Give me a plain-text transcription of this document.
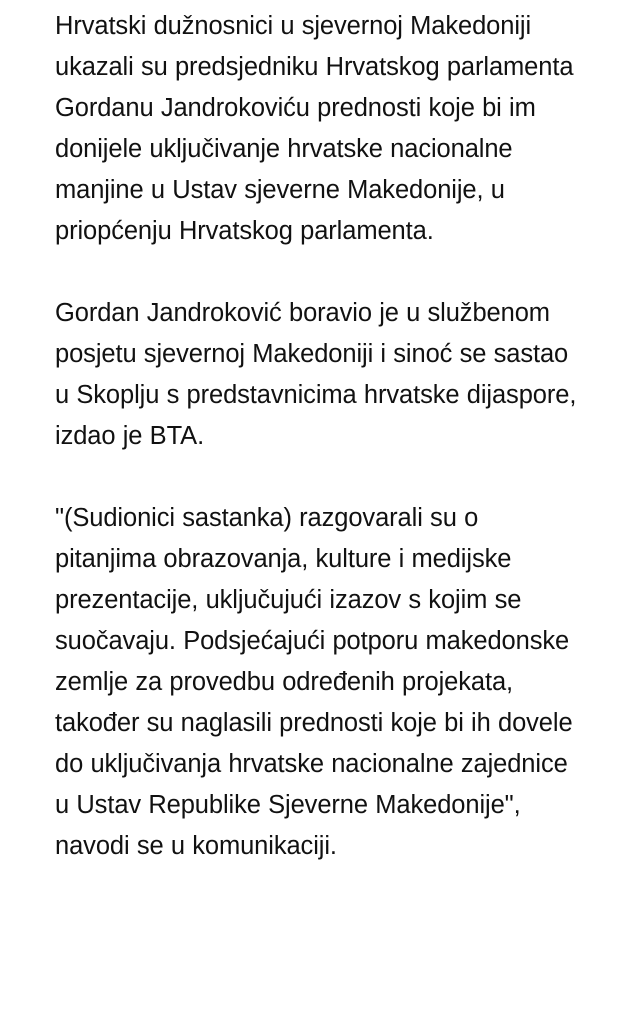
Hrvatski dužnosnici u sjevernoj Makedoniji ukazali su predsjedniku Hrvatskog parlamenta Gordanu Jandrokoviću prednosti koje bi im donijele uključivanje hrvatske nacionalne manjine u Ustav sjeverne Makedonije, u priopćenju Hrvatskog parlamenta.

Gordan Jandroković boravio je u službenom posjetu sjevernoj Makedoniji i sinoć se sastao u Skoplju s predstavnicima hrvatske dijaspore, izdao je BTA.

"(Sudionici sastanka) razgovarali su o pitanjima obrazovanja, kulture i medijske prezentacije, uključujući izazov s kojim se suočavaju. Podsjećajući potporu makedonske zemlje za provedbu određenih projekata, također su naglasili prednosti koje bi ih dovele do uključivanja hrvatske nacionalne zajednice u Ustav Republike Sjeverne Makedonije", navodi se u komunikaciji.
